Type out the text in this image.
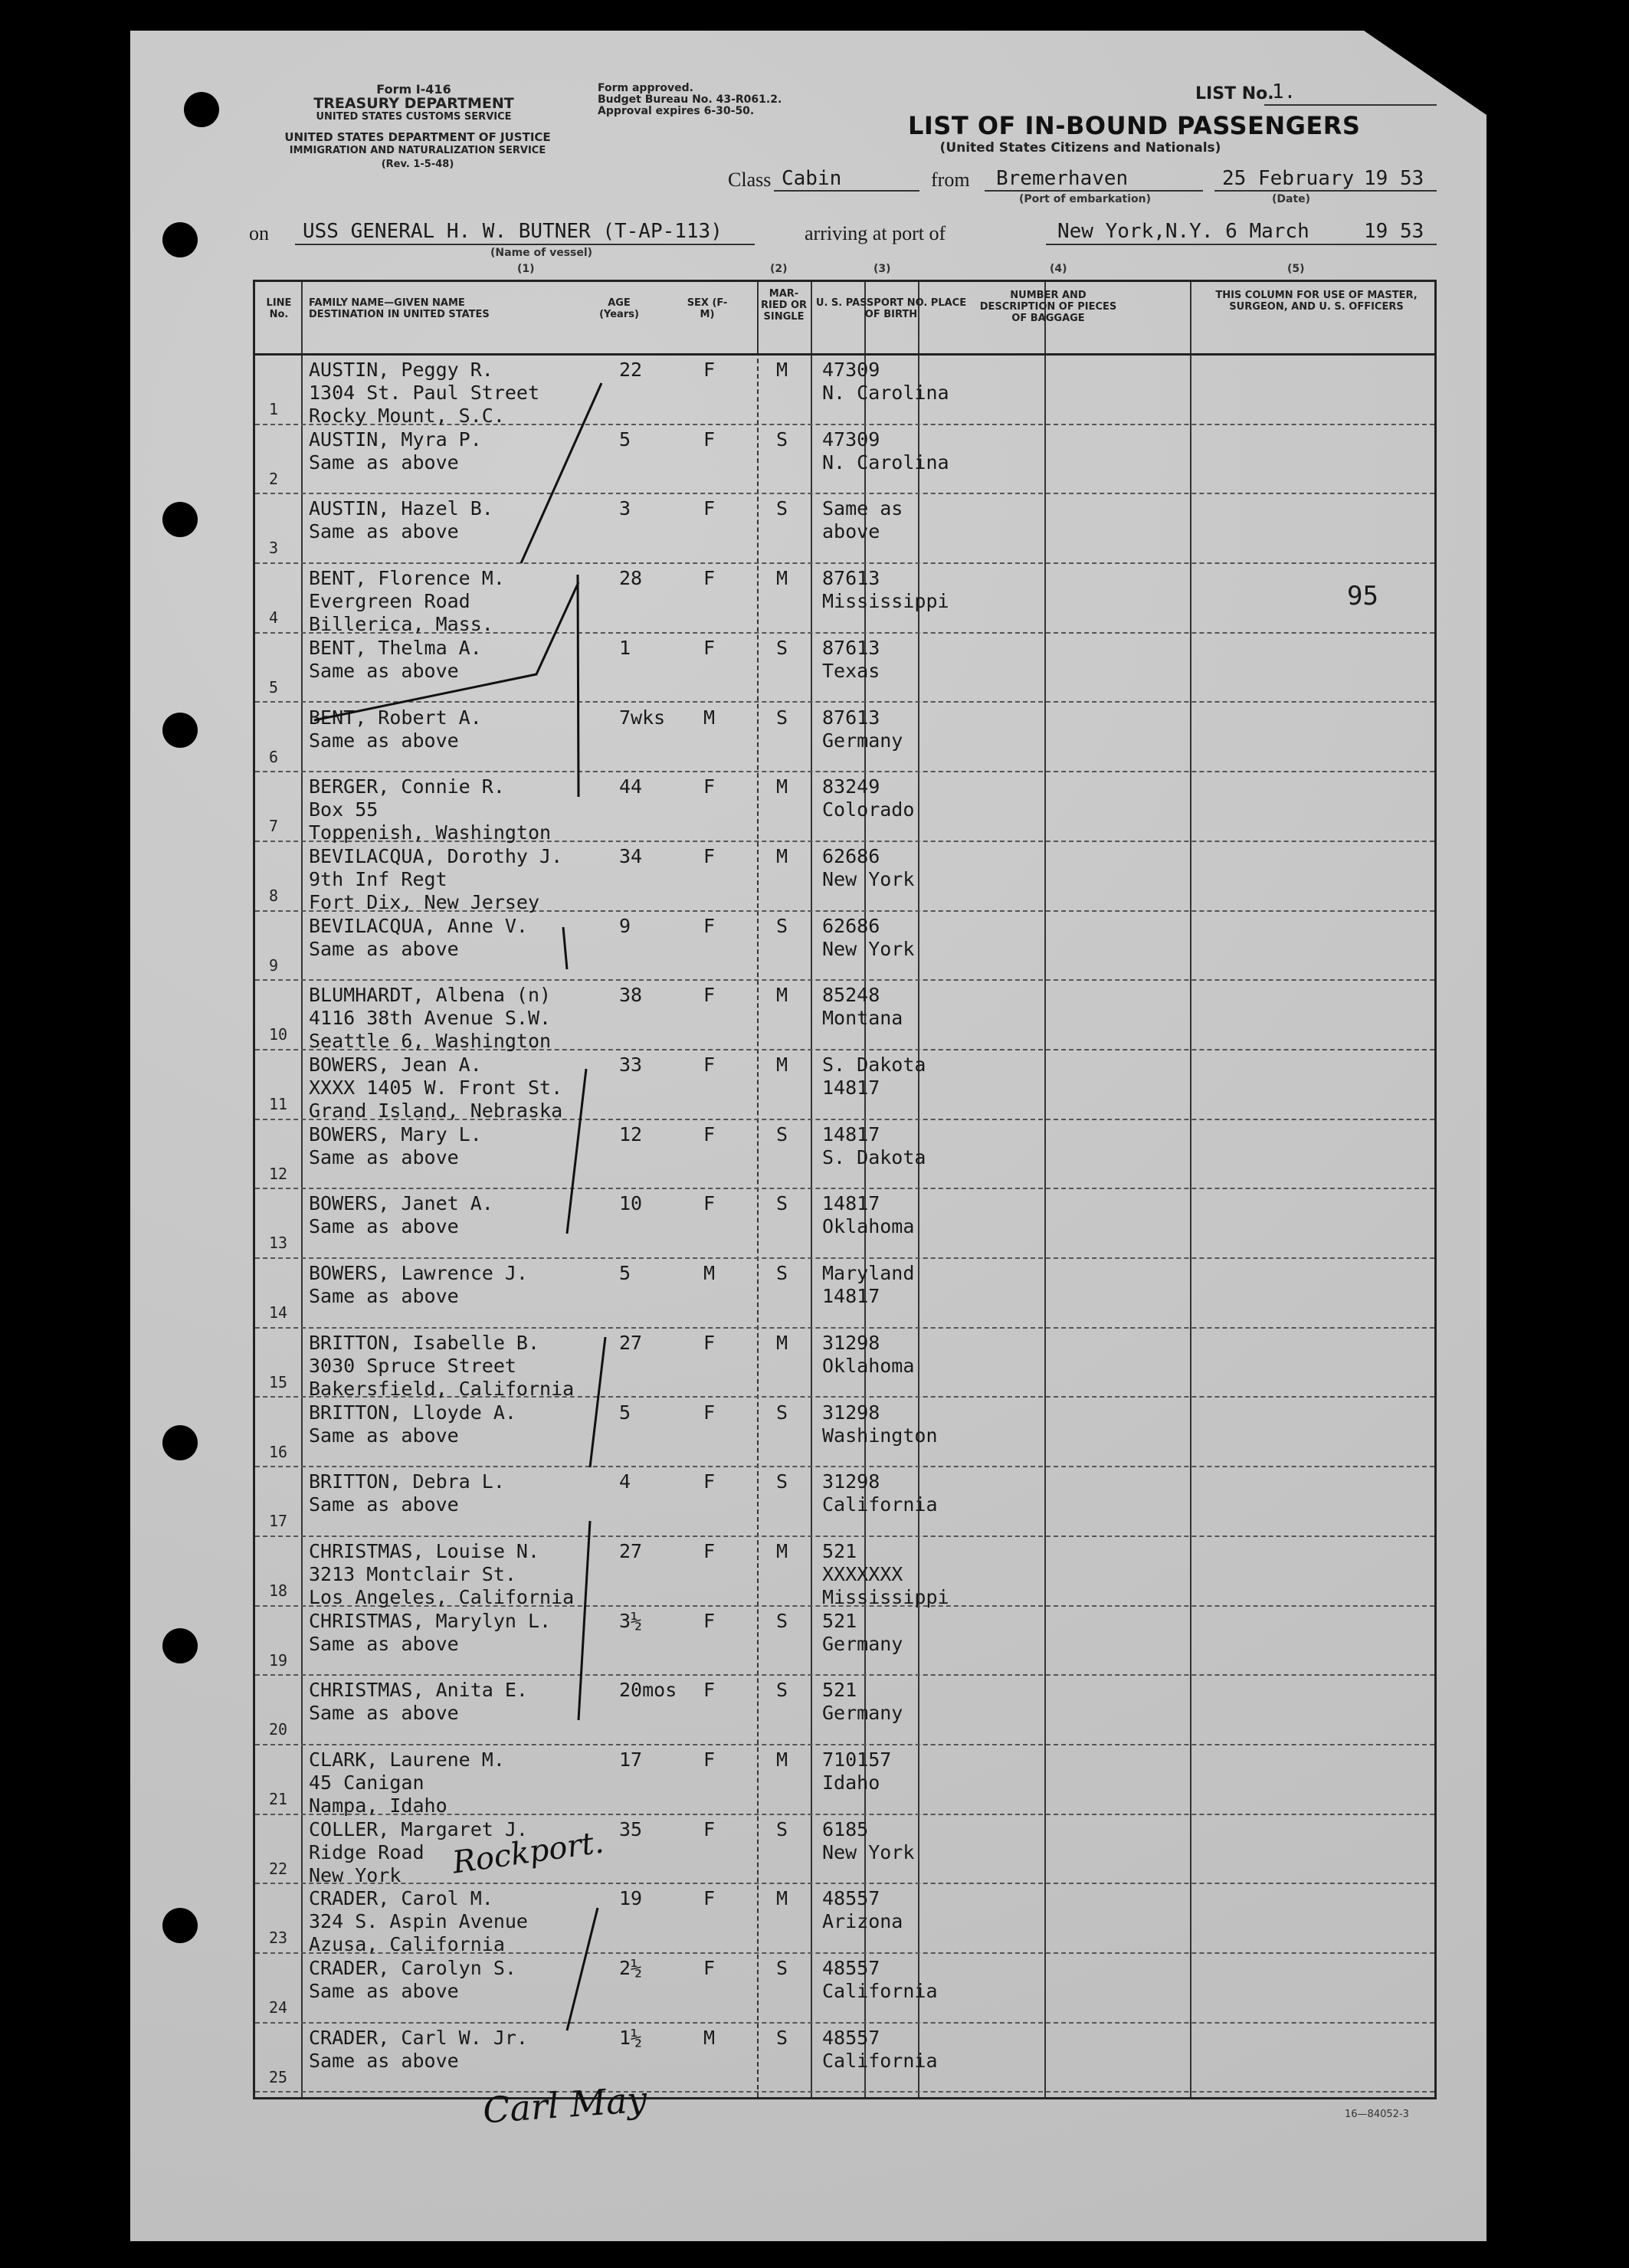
Form I-416
TREASURY DEPARTMENT
UNITED STATES CUSTOMS SERVICE
UNITED STATES DEPARTMENT OF JUSTICE
IMMIGRATION AND NATURALIZATION SERVICE
(Rev. 1-5-48)
Form approved.
Budget Bureau No. 43-R061.2.
Approval expires 6-30-50.
LIST No.
1.
LIST OF IN-BOUND PASSENGERS
(United States Citizens and Nationals)
Class Cabin	from Bremerhaven
(Port of embarkation)
25 February 19 53
(Date)
on USS GENERAL H. W. BUTNER (T-AP-113)
(Name of vessel)
arriving at port of	New York,N.Y. 6 March	19 53
(1)	(2)	(3)	(4)	(5)
LINE No.
FAMILY NAME—GIVEN NAME DESTINATION IN UNITED STATES
AGE (Years)
SEX (F-M)
MAR-RIED OR SINGLE
U. S. PASSPORT NO. PLACE OF BIRTH
NUMBER AND DESCRIPTION OF PIECES OF BAGGAGE
THIS COLUMN FOR USE OF MASTER, SURGEON, AND U. S. OFFICERS
1
AUSTIN, Peggy R.
1304 St. Paul Street
Rocky Mount, S.C.
22	F	M 47309
N. Carolina
2
AUSTIN, Myra P.
Same as above
5	F	S 47309
N. Carolina
3
AUSTIN, Hazel B.
Same as above
3	F	S Same as
above
4
BENT, Florence M.
Evergreen Road
Billerica, Mass.
28	F	M 87613
Mississippi
5
BENT, Thelma A.
Same as above
1	F	S 87613
Texas
6
BENT, Robert A.
Same as above
7wks M	S 87613
Germany
7
BERGER, Connie R.
Box 55
Toppenish, Washington
44	F	M 83249
Colorado
8
BEVILACQUA, Dorothy J.
9th Inf Regt
Fort Dix, New Jersey
34	F	M 62686
New York
9
BEVILACQUA, Anne V.
Same as above
9	F	S 62686
New York
10
BLUMHARDT, Albena (n)
4116 38th Avenue S.W.
Seattle 6, Washington
38	F	M 85248
Montana
11
BOWERS, Jean A.
XXXX 1405 W. Front St.
Grand Island, Nebraska
33	F	M S. Dakota
14817
12
BOWERS, Mary L.
Same as above
12	F	S 14817
S. Dakota
13
BOWERS, Janet A.
Same as above
10	F	S 14817
Oklahoma
14
BOWERS, Lawrence J.
Same as above
5	M	S Maryland
14817
15
BRITTON, Isabelle B.
3030 Spruce Street
Bakersfield, California
27	F	M 31298
Oklahoma
16
BRITTON, Lloyde A.
Same as above
5	F	S 31298
Washington
17
BRITTON, Debra L.
Same as above
4	F	S 31298
California
18
CHRISTMAS, Louise N.
3213 Montclair St.
Los Angeles, California
27	F	M 521
XXXXXXX
Mississippi
19
CHRISTMAS, Marylyn L.
Same as above
3½	F	S 521
Germany
20
CHRISTMAS, Anita E.
Same as above
20mos F	S 521
Germany
21
CLARK, Laurene M.
45 Canigan
Nampa, Idaho
17	F	M 710157
Idaho
22
COLLER, Margaret J.
Ridge Road
New York
35	F	S 6185
New York
23
CRADER, Carol M.
324 S. Aspin Avenue
Azusa, California
19	F	M 48557
Arizona
24
CRADER, Carolyn S.
Same as above
2½	F	S 48557
California
25
CRADER, Carl W. Jr.
Same as above
1½	M	S 48557
California
95
Rockport.
Carl May	16—84052-3
